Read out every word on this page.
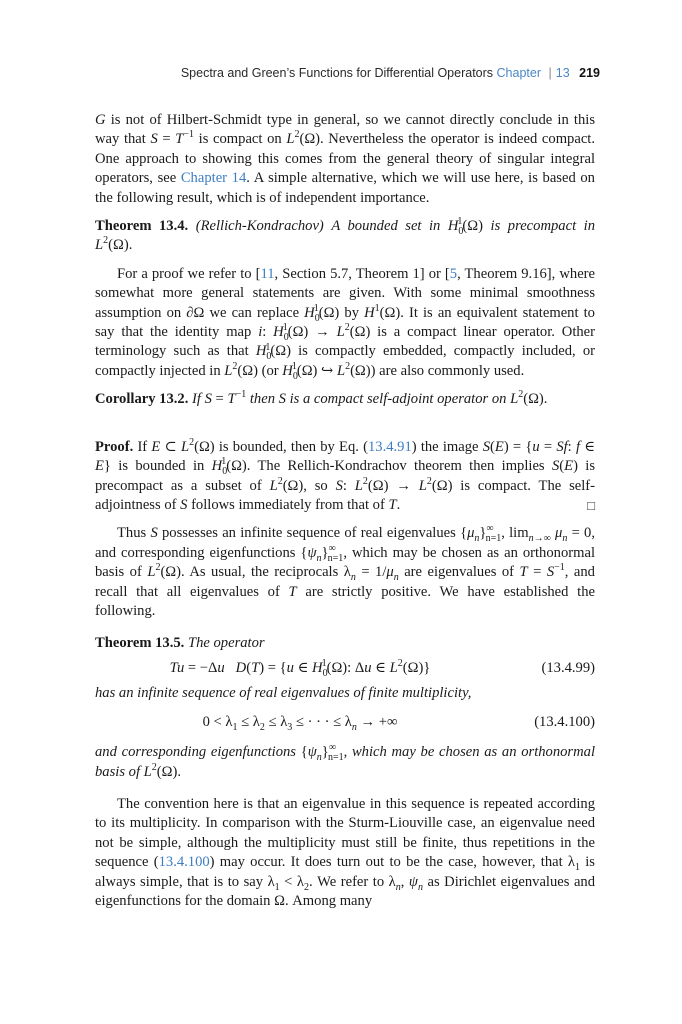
Spectra and Green’s Functions for Differential Operators Chapter | 13 219

G is not of Hilbert-Schmidt type in general, so we cannot directly conclude in this way that $S = T^{-1}$ is compact on $L^2(\Omega)$. Nevertheless the operator is indeed compact. One approach to showing this comes from the general theory of singular integral operators, see Chapter 14. A simple alternative, which we will use here, is based on the following result, which is of independent importance.

Theorem 13.4. (Rellich-Kondrachov) A bounded set in $H_0^1(\Omega)$ is precompact in $L^2(\Omega)$.

For a proof we refer to [11, Section 5.7, Theorem 1] or [5, Theorem 9.16], where somewhat more general statements are given. With some minimal smoothness assumption on ∂Ω we can replace $H_0^1(\Omega)$ by $H^1(\Omega)$. It is an equivalent statement to say that the identity map i: $H_0^1(\Omega) \to L^2(\Omega)$ is a compact linear operator. Other terminology such as that $H_0^1(\Omega)$ is compactly embedded, compactly included, or compactly injected in $L^2(\Omega)$ (or $H_0^1(\Omega)$ ↪ $L^2(\Omega)$) are also commonly used.

Corollary 13.2. If $S = T^{-1}$ then S is a compact self-adjoint operator on $L^2(\Omega)$.

Proof. If E ⊂ $L^2(\Omega)$ is bounded, then by Eq. (13.4.91) the image S(E) = {u = Sf: f ∈ E} is bounded in $H_0^1(\Omega)$. The Rellich-Kondrachov theorem then implies S(E) is precompact as a subset of $L^2(\Omega)$, so S: $L^2(\Omega) \to L^2(\Omega)$ is compact. The self-adjointness of S follows immediately from that of T.	□

Thus S possesses an infinite sequence of real eigenvalues $\{\mu_n\}^\infty_{n=1}$, $\lim_{n\to\infty} \mu_n = 0$, and corresponding eigenfunctions $\{\psi_n\}^\infty_{n=1}$, which may be chosen as an orthonormal basis of $L^2(\Omega)$. As usual, the reciprocals $\lambda_n = 1/\mu_n$ are eigenvalues of $T = S^{-1}$, and recall that all eigenvalues of T are strictly positive. We have established the following.

Theorem 13.5. The operator

Tu = −Δu D(T) = {u ∈ $H_0^1(\Omega)$: Δu ∈ $L^2(\Omega)$}	(13.4.99)

has an infinite sequence of real eigenvalues of finite multiplicity,

$0 < \lambda_1 \le \lambda_2 \le \lambda_3$ ≤ · · · ≤ $\lambda_n$ → +∞	(13.4.100)

and corresponding eigenfunctions $\{\psi_n\}^\infty_{n=1}$, which may be chosen as an orthonormal basis of $L^2(\Omega)$.

The convention here is that an eigenvalue in this sequence is repeated according to its multiplicity. In comparison with the Sturm-Liouville case, an eigenvalue need not be simple, although the multiplicity must still be finite, thus repetitions in the sequence (13.4.100) may occur. It does turn out to be the case, however, that $\lambda_1$ is always simple, that is to say $\lambda_1 < \lambda_2$. We refer to $\lambda_n$, $\psi_n$ as Dirichlet eigenvalues and eigenfunctions for the domain Ω. Among many
